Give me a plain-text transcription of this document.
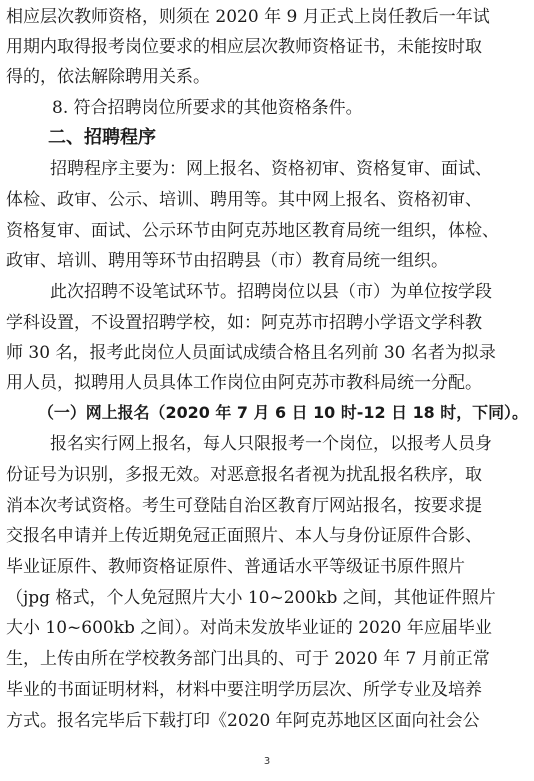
相应层次教师资格，则须在 2020 年 9 月正式上岗任教后一年试
用期内取得报考岗位要求的相应层次教师资格证书，未能按时取
得的，依法解除聘用关系。
8. 符合招聘岗位所要求的其他资格条件。
二、招聘程序
招聘程序主要为：网上报名、资格初审、资格复审、面试、
体检、政审、公示、培训、聘用等。其中网上报名、资格初审、
资格复审、面试、公示环节由阿克苏地区教育局统一组织，体检、
政审、培训、聘用等环节由招聘县（市）教育局统一组织。
此次招聘不设笔试环节。招聘岗位以县（市）为单位按学段
学科设置，不设置招聘学校，如：阿克苏市招聘小学语文学科教
师 30 名，报考此岗位人员面试成绩合格且名列前 30 名者为拟录
用人员，拟聘用人员具体工作岗位由阿克苏市教科局统一分配。
（一）网上报名（2020 年 7 月 6 日 10 时-12 日 18 时，下同）。
报名实行网上报名，每人只限报考一个岗位，以报考人员身
份证号为识别，多报无效。对恶意报名者视为扰乱报名秩序，取
消本次考试资格。考生可登陆自治区教育厅网站报名，按要求提
交报名申请并上传近期免冠正面照片、本人与身份证原件合影、
毕业证原件、教师资格证原件、普通话水平等级证书原件照片
（jpg 格式，个人免冠照片大小 10~200kb 之间，其他证件照片
大小 10~600kb 之间）。对尚未发放毕业证的 2020 年应届毕业
生，上传由所在学校教务部门出具的、可于 2020 年 7 月前正常
毕业的书面证明材料，材料中要注明学历层次、所学专业及培养
方式。报名完毕后下载打印《2020 年阿克苏地区区面向社会公
3
